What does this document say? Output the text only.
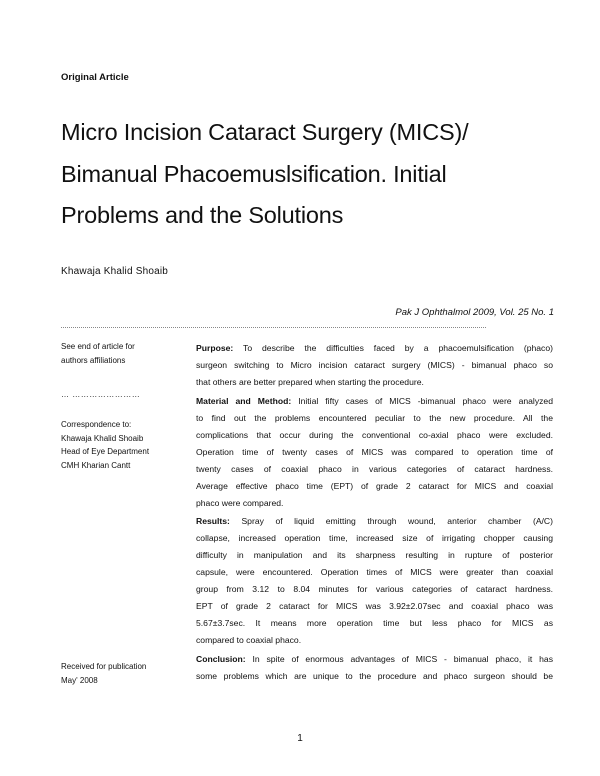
Original Article
Micro Incision Cataract Surgery (MICS)/
Bimanual Phacoemuslsification. Initial
Problems and the Solutions
Khawaja Khalid Shoaib
Pak J Ophthalmol 2009, Vol. 25 No. 1
See end of article for
authors affiliations
… ……………………
Correspondence to:
Khawaja Khalid Shoaib
Head of Eye Department
CMH Kharian Cantt
Received for publication
May' 2008

Purpose: To describe the difficulties faced by a phacoemulsification (phaco)
surgeon switching to Micro incision cataract surgery (MICS) - bimanual phaco so
that others are better prepared when starting the procedure.

Material and Method: Initial fifty cases of MICS -bimanual phaco were analyzed
to find out the problems encountered peculiar to the new procedure. All the
complications that occur during the conventional co-axial phaco were excluded.
Operation time of twenty cases of MICS was compared to operation time of
twenty cases of coaxial phaco in various categories of cataract hardness.
Average effective phaco time (EPT) of grade 2 cataract for MICS and coaxial
phaco were compared.

Results: Spray of liquid emitting through wound, anterior chamber (A/C)
collapse, increased operation time, increased size of irrigating chopper causing
difficulty in manipulation and its sharpness resulting in rupture of posterior
capsule, were encountered. Operation times of MICS were greater than coaxial
group from 3.12 to 8.04 minutes for various categories of cataract hardness.
EPT of grade 2 cataract for MICS was 3.92±2.07sec and coaxial phaco was
5.67±3.7sec. It means more operation time but less phaco for MICS as
compared to coaxial phaco.

Conclusion: In spite of enormous advantages of MICS - bimanual phaco, it has
some problems which are unique to the procedure and phaco surgeon should be

1
